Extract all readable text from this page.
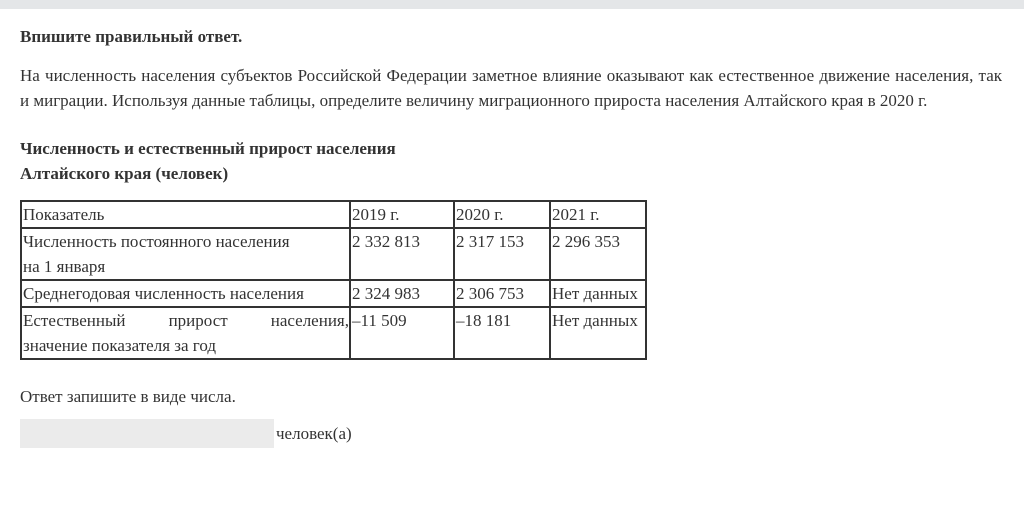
Впишите правильный ответ.

На численность населения субъектов Российской Федерации заметное влияние оказывают как естественное движение населения, так и миграции. Используя данные таблицы, определите величину миграционного прироста населения Алтайского края в 2020 г.

Численность и естественный прирост населения
Алтайского края (человек)
Показатель	2019 г.	2020 г.	2021 г.

Численность постоянного населения
на 1 января	2 332 813	2 317 153	2 296 353
Среднегодовая численность населения	2 324 983	2 306 753	Нет данных

Естественный прирост населения,
значение показателя за год	–11 509	–18 181	Нет данных

Ответ запишите в виде числа.

человек(а)
